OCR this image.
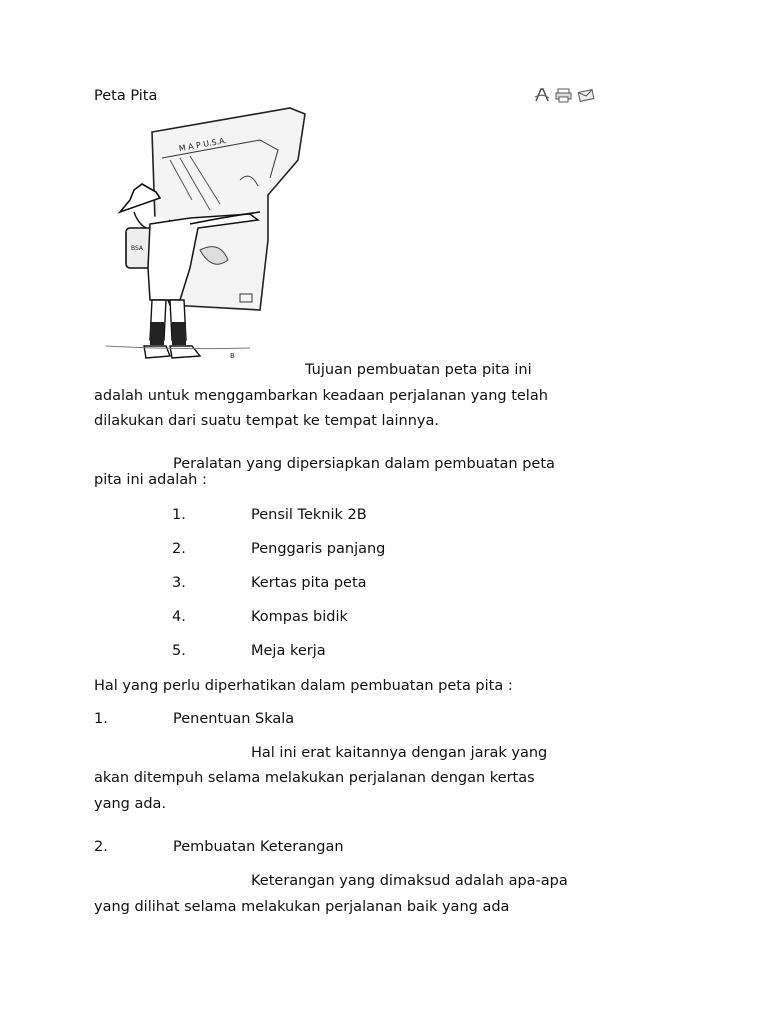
Peta Pita
M A P U.S.A.
BSA
B
Tujuan pembuatan peta pita ini
adalah untuk menggambarkan keadaan perjalanan yang telah
dilakukan dari suatu tempat ke tempat lainnya.
Peralatan yang dipersiapkan dalam pembuatan peta
pita ini adalah :
1.	Pensil Teknik 2B
2.	Penggaris panjang
3.	Kertas pita peta
4.	Kompas bidik
5.	Meja kerja
Hal yang perlu diperhatikan dalam pembuatan peta pita :
1.	Penentuan Skala
Hal ini erat kaitannya dengan jarak yang
akan ditempuh selama melakukan perjalanan dengan kertas
yang ada.
2.	Pembuatan Keterangan
Keterangan yang dimaksud adalah apa-apa
yang dilihat selama melakukan perjalanan baik yang ada
